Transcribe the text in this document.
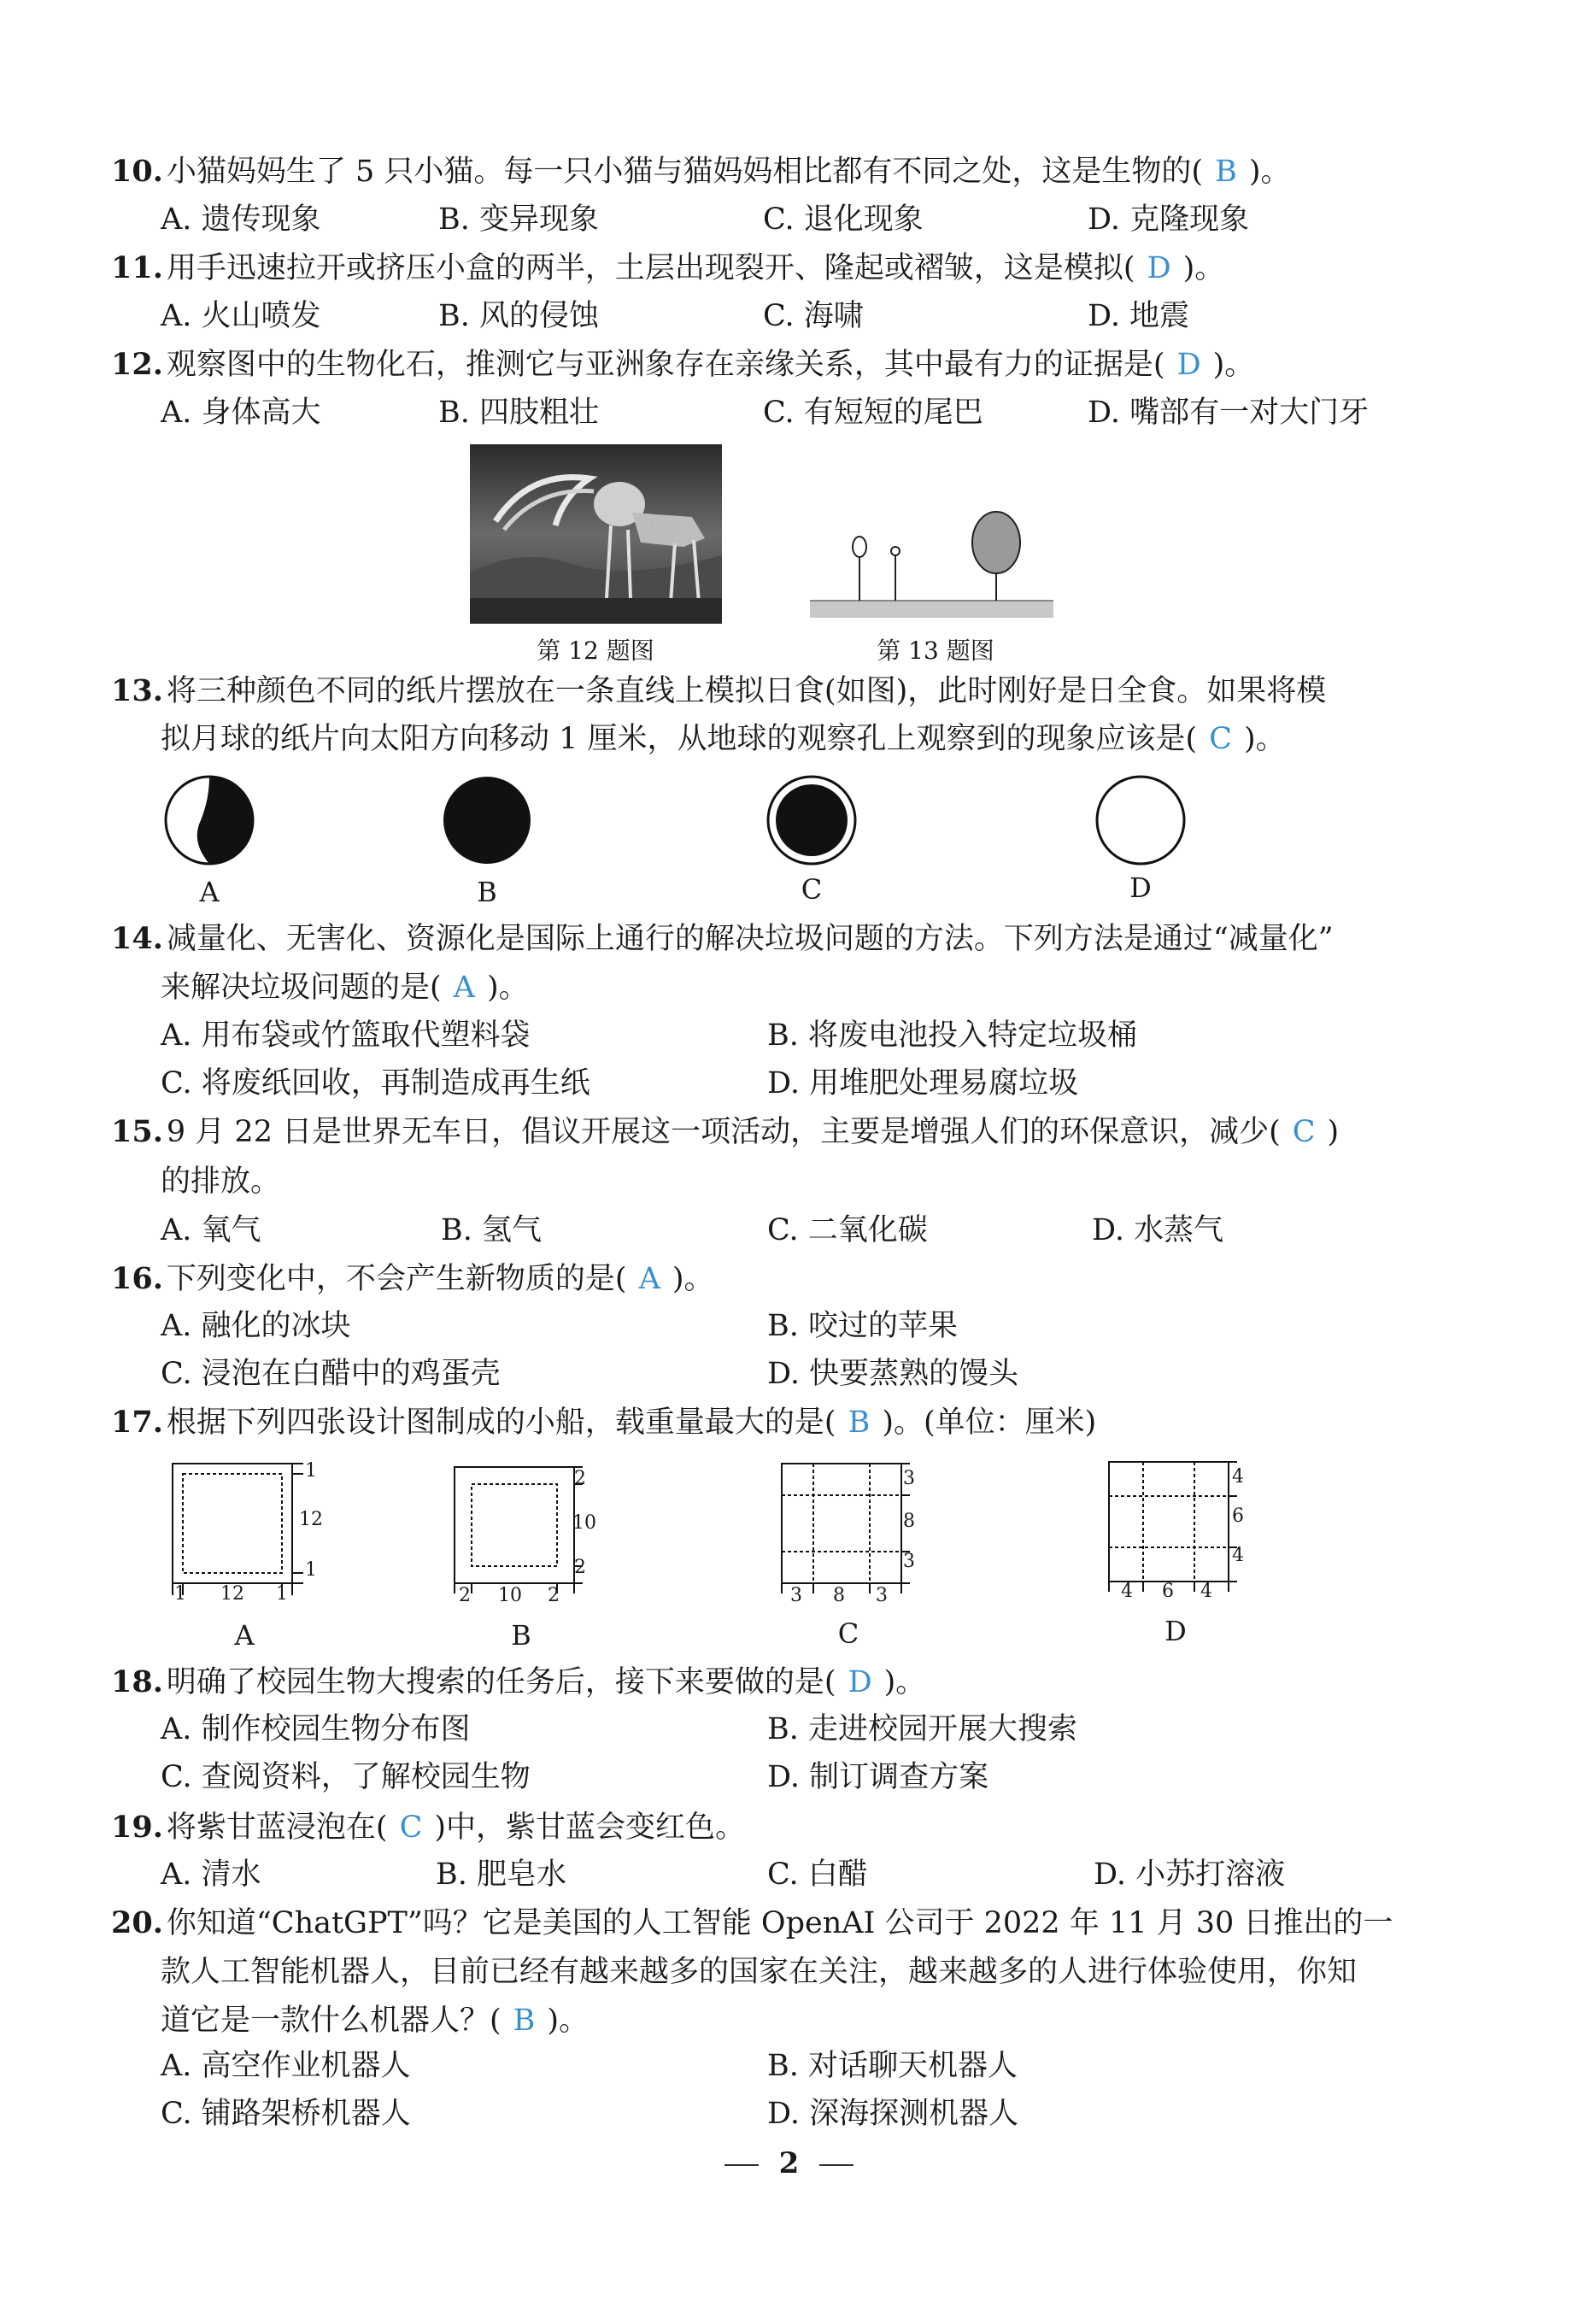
10. 小猫妈妈生了 5 只小猫。每一只小猫与猫妈妈相比都有不同之处，这是生物的( B )。
A. 遗传现象	B. 变异现象	C. 退化现象	D. 克隆现象
11. 用手迅速拉开或挤压小盒的两半，土层出现裂开、隆起或褶皱，这是模拟( D )。
A. 火山喷发	B. 风的侵蚀	C. 海啸	D. 地震
12. 观察图中的生物化石，推测它与亚洲象存在亲缘关系，其中最有力的证据是( D )。
A. 身体高大	B. 四肢粗壮	C. 有短短的尾巴	D. 嘴部有一对大门牙
第 12 题图	第 13 题图
13. 将三种颜色不同的纸片摆放在一条直线上模拟日食(如图)，此时刚好是日全食。如果将模
拟月球的纸片向太阳方向移动 1 厘米，从地球的观察孔上观察到的现象应该是( C )。
A	B	C	D
14. 减量化、无害化、资源化是国际上通行的解决垃圾问题的方法。下列方法是通过“减量化”
来解决垃圾问题的是( A )。
A. 用布袋或竹篮取代塑料袋	B. 将废电池投入特定垃圾桶
C. 将废纸回收，再制造成再生纸	D. 用堆肥处理易腐垃圾
15. 9 月 22 日是世界无车日，倡议开展这一项活动，主要是增强人们的环保意识，减少( C )
的排放。
A. 氧气	B. 氢气	C. 二氧化碳	D. 水蒸气
16. 下列变化中，不会产生新物质的是( A )。
A. 融化的冰块	B. 咬过的苹果
C. 浸泡在白醋中的鸡蛋壳	D. 快要蒸熟的馒头
17. 根据下列四张设计图制成的小船，载重量最大的是( B )。(单位：厘米)
1
12
1
1 12 1
2
10
2
2 10 2
3
8
3
3 8 3
4
6
4
4 6 4
A	B	C	D
18. 明确了校园生物大搜索的任务后，接下来要做的是( D )。
A. 制作校园生物分布图	B. 走进校园开展大搜索
C. 查阅资料，了解校园生物	D. 制订调查方案
19. 将紫甘蓝浸泡在( C )中，紫甘蓝会变红色。
A. 清水	B. 肥皂水	C. 白醋	D. 小苏打溶液
20. 你知道“ChatGPT”吗？它是美国的人工智能 OpenAI 公司于 2022 年 11 月 30 日推出的一
款人工智能机器人，目前已经有越来越多的国家在关注，越来越多的人进行体验使用，你知
道它是一款什么机器人？( B )。
A. 高空作业机器人	B. 对话聊天机器人
C. 铺路架桥机器人	D. 深海探测机器人
2
